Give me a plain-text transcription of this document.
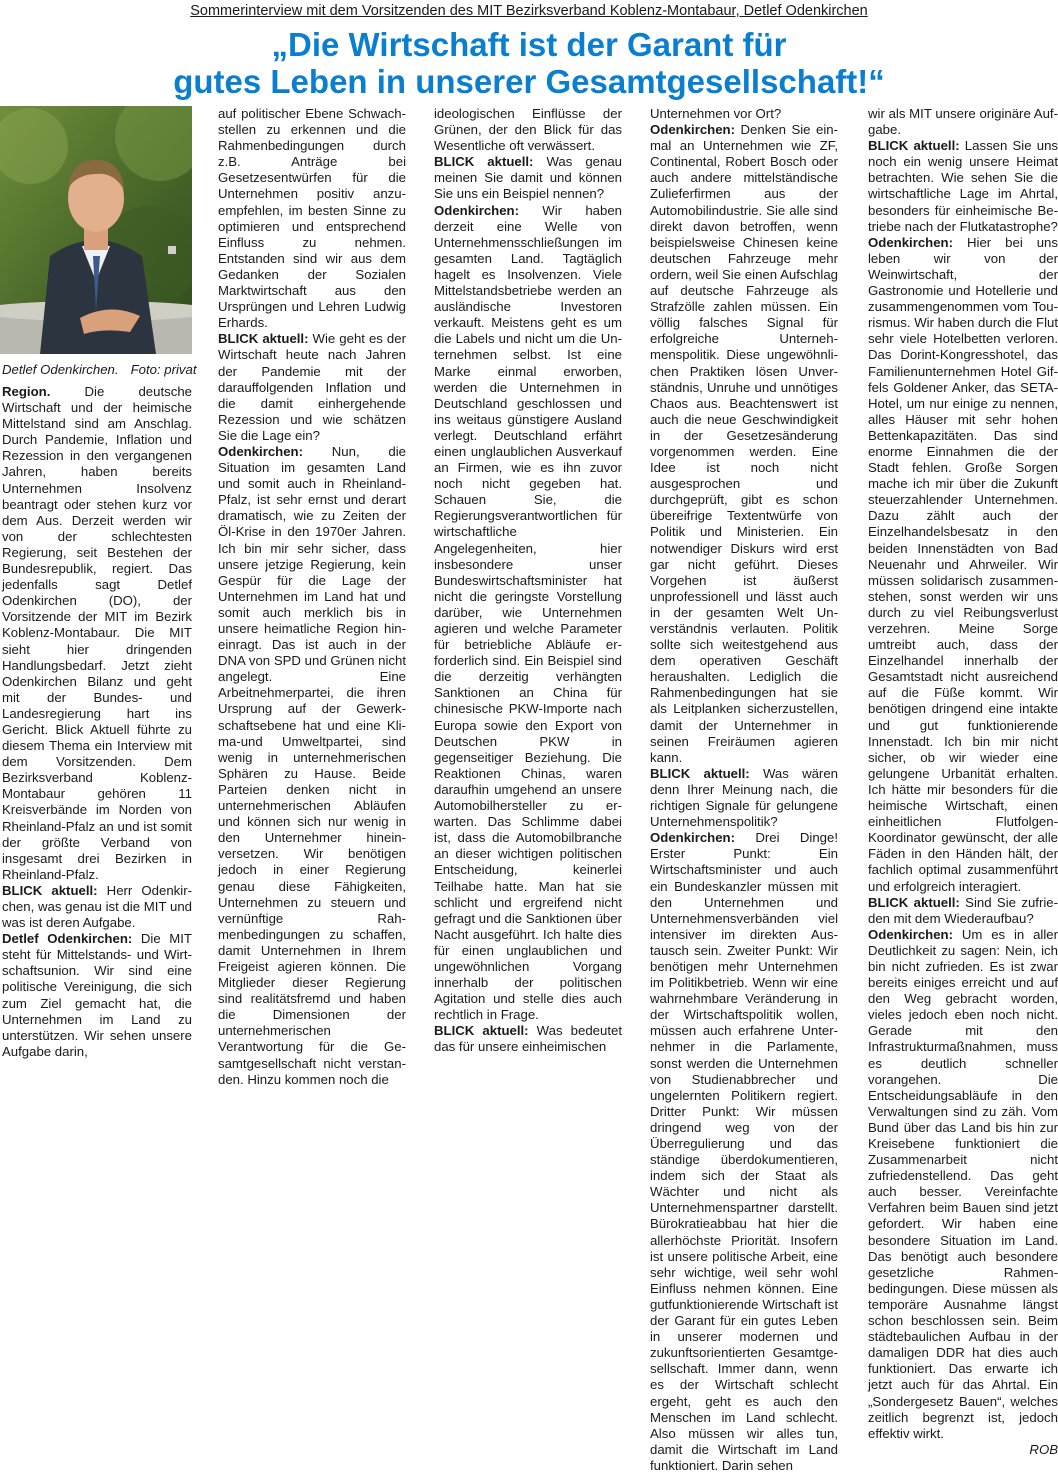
Sommerinterview mit dem Vorsitzenden des MIT Bezirksverband Koblenz-Montabaur, Detlef Odenkirchen
„Die Wirtschaft ist der Garant für
gutes Leben in unserer Gesamtgesellschaft!“
Detlef Odenkirchen. Foto: privat

Region. Die deutsche Wirtschaft und der heimische Mittelstand sind am Anschlag. Durch Pandemie, Inflation und Rezession in den vergangenen Jahren, haben bereits Unternehmen Insolvenz beantragt oder stehen kurz vor dem Aus. Derzeit werden wir von der schlechtesten Regierung, seit Bestehen der Bundesrepublik, regiert. Das jedenfalls sagt Detlef Odenkirchen (DO), der Vorsitzende der MIT im Bezirk Koblenz-Montabaur. Die MIT sieht hier dringenden Handlungsbedarf. Jetzt zieht Odenkirchen Bilanz und geht mit der Bundes- und Landesregierung hart ins Gericht. Blick Aktuell führte zu diesem Thema ein Interview mit dem Vorsitzenden. Dem Bezirksverband Koblenz-Montabaur gehören 11 Kreisverbände im Norden von Rheinland-Pfalz an und ist somit der größte Verband von insgesamt drei Bezirken in Rheinland-Pfalz.

BLICK aktuell: Herr Odenkirchen, was genau ist die MIT und was ist deren Aufgabe.

Detlef Odenkirchen: Die MIT steht für Mittelstands- und Wirtschaftsunion. Wir sind eine politische Vereinigung, die sich zum Ziel gemacht hat, die Unternehmen im Land zu unterstützen. Wir sehen unsere Aufgabe darin,

auf politischer Ebene Schwachstellen zu erkennen und die Rahmenbedingungen durch z.B. Anträge bei Gesetzesentwürfen für die Unternehmen positiv anzuempfehlen, im besten Sinne zu optimieren und entsprechend Einfluss zu nehmen. Entstanden sind wir aus dem Gedanken der Sozialen Marktwirtschaft aus den Ursprüngen und Lehren Ludwig Erhards.

BLICK aktuell: Wie geht es der Wirtschaft heute nach Jahren der Pandemie mit der darauffolgenden Inflation und die damit einhergehende Rezession und wie schätzen Sie die Lage ein?

Odenkirchen: Nun, die Situation im gesamten Land und somit auch in Rheinland-Pfalz, ist sehr ernst und derart dramatisch, wie zu Zeiten der Öl-Krise in den 1970er Jahren. Ich bin mir sehr sicher, dass unsere jetzige Regierung, kein Gespür für die Lage der Unternehmen im Land hat und somit auch merklich bis in unsere heimatliche Region hineinragt. Das ist auch in der DNA von SPD und Grünen nicht angelegt. Eine Arbeitnehmerpartei, die ihren Ursprung auf der Gewerkschaftsebene hat und eine Klima-und Umweltpartei, sind wenig in unternehmerischen Sphären zu Hause. Beide Parteien denken nicht in unternehmerischen Abläufen und können sich nur wenig in den Unternehmer hineinversetzen. Wir benötigen jedoch in einer Regierung genau diese Fähigkeiten, Unternehmen zu steuern und vernünftige Rahmenbedingungen zu schaffen, damit Unternehmen in Ihrem Freigeist agieren können. Die Mitglieder dieser Regierung sind realitätsfremd und haben die Dimensionen der unternehmerischen Verantwortung für die Gesamtgesellschaft nicht verstanden. Hinzu kommen noch die

ideologischen Einflüsse der Grünen, der den Blick für das Wesentliche oft verwässert.

BLICK aktuell: Was genau meinen Sie damit und können Sie uns ein Beispiel nennen?

Odenkirchen: Wir haben derzeit eine Welle von Unternehmensschließungen im gesamten Land. Tagtäglich hagelt es Insolvenzen. Viele Mittelstandsbetriebe werden an ausländische Investoren verkauft. Meistens geht es um die Labels und nicht um die Unternehmen selbst. Ist eine Marke einmal erworben, werden die Unternehmen in Deutschland geschlossen und ins weitaus günstigere Ausland verlegt. Deutschland erfährt einen unglaublichen Ausverkauf an Firmen, wie es ihn zuvor noch nicht gegeben hat. Schauen Sie, die Regierungsverantwortlichen für wirtschaftliche Angelegenheiten, hier insbesondere unser Bundeswirtschaftsminister hat nicht die geringste Vorstellung darüber, wie Unternehmen agieren und welche Parameter für betriebliche Abläufe erforderlich sind. Ein Beispiel sind die derzeitig verhängten Sanktionen an China für chinesische PKW-Importe nach Europa sowie den Export von Deutschen PKW in gegenseitiger Beziehung. Die Reaktionen Chinas, waren daraufhin umgehend an unsere Automobilhersteller zu erwarten. Das Schlimme dabei ist, dass die Automobilbranche an dieser wichtigen politischen Entscheidung, keinerlei Teilhabe hatte. Man hat sie schlicht und ergreifend nicht gefragt und die Sanktionen über Nacht ausgeführt. Ich halte dies für einen unglaublichen und ungewöhnlichen Vorgang innerhalb der politischen Agitation und stelle dies auch rechtlich in Frage.

BLICK aktuell: Was bedeutet das für unsere einheimischen

Unternehmen vor Ort?

Odenkirchen: Denken Sie einmal an Unternehmen wie ZF, Continental, Robert Bosch oder auch andere mittelständische Zulieferfirmen aus der Automobilindustrie. Sie alle sind direkt davon betroffen, wenn beispielsweise Chinesen keine deutschen Fahrzeuge mehr ordern, weil Sie einen Aufschlag auf deutsche Fahrzeuge als Strafzölle zahlen müssen. Ein völlig falsches Signal für erfolgreiche Unternehmenspolitik. Diese ungewöhnlichen Praktiken lösen Unverständnis, Unruhe und unnötiges Chaos aus. Beachtenswert ist auch die neue Geschwindigkeit in der Gesetzesänderung vorgenommen werden. Eine Idee ist noch nicht ausgesprochen und durchgeprüft, gibt es schon übereifrige Textentwürfe von Politik und Ministerien. Ein notwendiger Diskurs wird erst gar nicht geführt. Dieses Vorgehen ist äußerst unprofessionell und lässt auch in der gesamten Welt Unverständnis verlauten. Politik sollte sich weitestgehend aus dem operativen Geschäft heraushalten. Lediglich die Rahmenbedingungen hat sie als Leitplanken sicherzustellen, damit der Unternehmer in seinen Freiräumen agieren kann.

BLICK aktuell: Was wären denn Ihrer Meinung nach, die richtigen Signale für gelungene Unternehmenspolitik?

Odenkirchen: Drei Dinge! Erster Punkt: Ein Wirtschaftsminister und auch ein Bundeskanzler müssen mit den Unternehmen und Unternehmensverbänden viel intensiver im direkten Austausch sein. Zweiter Punkt: Wir benötigen mehr Unternehmen im Politikbetrieb. Wenn wir eine wahrnehmbare Veränderung in der Wirtschaftspolitik wollen, müssen auch erfahrene Unternehmer in die Parlamente, sonst werden die Unternehmen von Studienabbrecher und ungelernten Politikern regiert. Dritter Punkt: Wir müssen dringend weg von der Überregulierung und das ständige überdokumentieren, indem sich der Staat als Wächter und nicht als Unternehmenspartner darstellt. Bürokratieabbau hat hier die allerhöchste Priorität. Insofern ist unsere politische Arbeit, eine sehr wichtige, weil sehr wohl Einfluss nehmen können. Eine gutfunktionierende Wirtschaft ist der Garant für ein gutes Leben in unserer modernen und zukunftsorientierten Gesamtgesellschaft. Immer dann, wenn es der Wirtschaft schlecht ergeht, geht es auch den Menschen im Land schlecht. Also müssen wir alles tun, damit die Wirtschaft im Land funktioniert. Darin sehen

wir als MIT unsere originäre Aufgabe.

BLICK aktuell: Lassen Sie uns noch ein wenig unsere Heimat betrachten. Wie sehen Sie die wirtschaftliche Lage im Ahrtal, besonders für einheimische Betriebe nach der Flutkatastrophe?

Odenkirchen: Hier bei uns leben wir von der Weinwirtschaft, der Gastronomie und Hotellerie und zusammengenommen vom Tourismus. Wir haben durch die Flut sehr viele Hotelbetten verloren. Das Dorint-Kongresshotel, das Familienunternehmen Hotel Giffels Goldener Anker, das SETA-Hotel, um nur einige zu nennen, alles Häuser mit sehr hohen Bettenkapazitäten. Das sind enorme Einnahmen die der Stadt fehlen. Große Sorgen mache ich mir über die Zukunft steuerzahlender Unternehmen. Dazu zählt auch der Einzelhandelsbesatz in den beiden Innenstädten von Bad Neuenahr und Ahrweiler. Wir müssen solidarisch zusammenstehen, sonst werden wir uns durch zu viel Reibungsverlust verzehren. Meine Sorge umtreibt auch, dass der Einzelhandel innerhalb der Gesamtstadt nicht ausreichend auf die Füße kommt. Wir benötigen dringend eine intakte und gut funktionierende Innenstadt. Ich bin mir nicht sicher, ob wir wieder eine gelungene Urbanität erhalten. Ich hätte mir besonders für die heimische Wirtschaft, einen einheitlichen Flutfolgen-Koordinator gewünscht, der alle Fäden in den Händen hält, der fachlich optimal zusammenführt und erfolgreich interagiert.

BLICK aktuell: Sind Sie zufrieden mit dem Wiederaufbau?

Odenkirchen: Um es in aller Deutlichkeit zu sagen: Nein, ich bin nicht zufrieden. Es ist zwar bereits einiges erreicht und auf den Weg gebracht worden, vieles jedoch eben noch nicht. Gerade mit den Infrastrukturmaßnahmen, muss es deutlich schneller vorangehen. Die Entscheidungsabläufe in den Verwaltungen sind zu zäh. Vom Bund über das Land bis hin zur Kreisebene funktioniert die Zusammenarbeit nicht zufriedenstellend. Das geht auch besser. Vereinfachte Verfahren beim Bauen sind jetzt gefordert. Wir haben eine besondere Situation im Land. Das benötigt auch besondere gesetzliche Rahmenbedingungen. Diese müssen als temporäre Ausnahme längst schon beschlossen sein. Beim städtebaulichen Aufbau in der damaligen DDR hat dies auch funktioniert. Das erwarte ich jetzt auch für das Ahrtal. Ein „Sondergesetz Bauen“, welches zeitlich begrenzt ist, jedoch effektiv wirkt.

ROB
